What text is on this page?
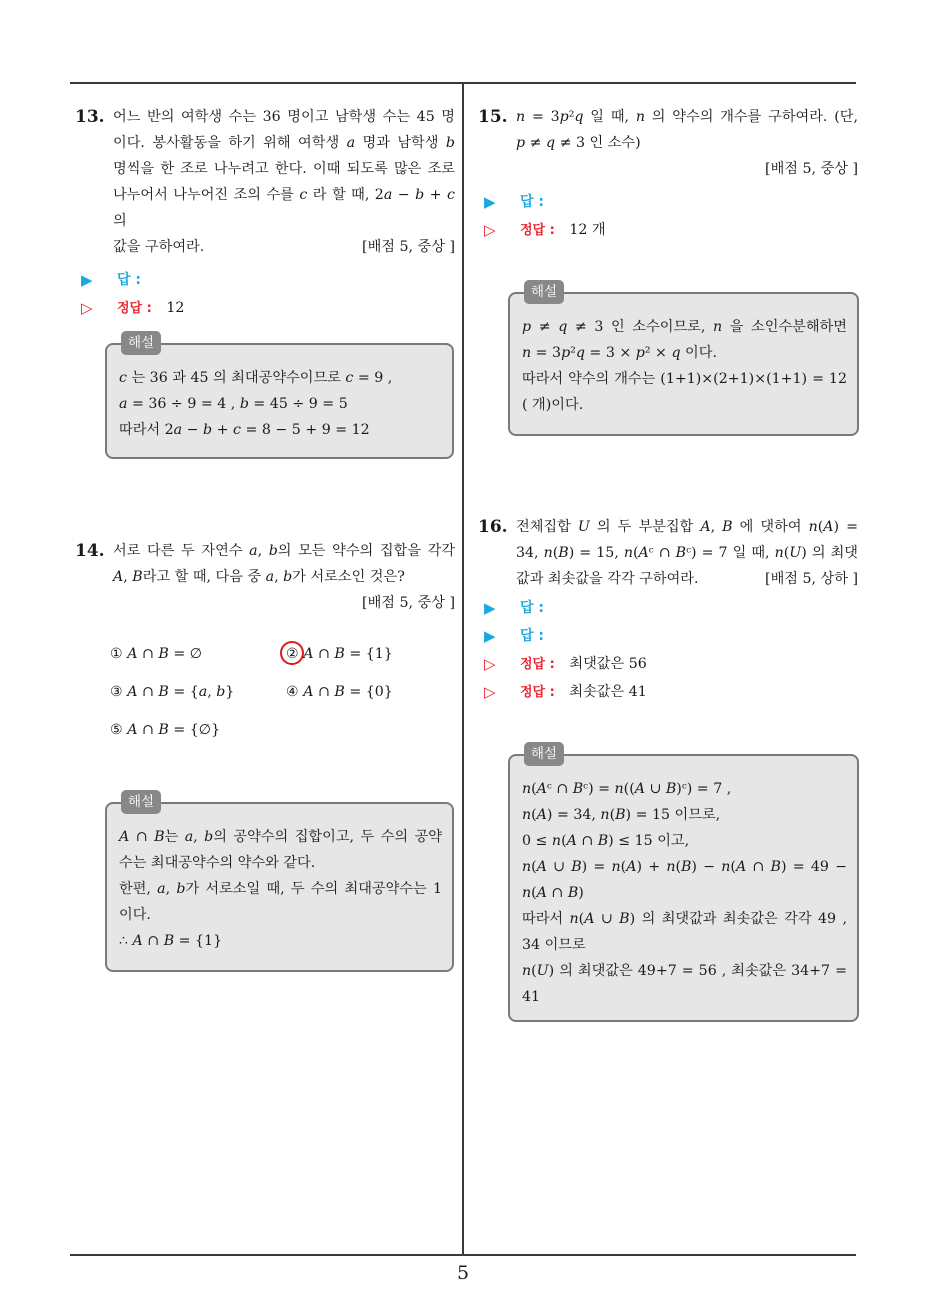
5
13. 어느 반의 여학생 수는 36 명이고 남학생 수는 45 명
이다. 봉사활동을 하기 위해 여학생 𝑎 명과 남학생 𝑏
명씩을 한 조로 나누려고 한다. 이때 되도록 많은 조로
나누어서 나누어진 조의 수를 𝑐 라 할 때, 2𝑎 − 𝑏 + 𝑐 의
값을 구하여라.	[배점 5, 중상 ]
▶ 답 :
▷ 정답 : 12
해설
𝑐 는 36 과 45 의 최대공약수이므로 𝑐 = 9 ,
𝑎 = 36 ÷ 9 = 4 , 𝑏 = 45 ÷ 9 = 5
따라서 2𝑎 − 𝑏 + 𝑐 = 8 − 5 + 9 = 12
14. 서로 다른 두 자연수 𝑎, 𝑏의 모든 약수의 집합을 각각
𝐴, 𝐵라고 할 때, 다음 중 𝑎, 𝑏가 서로소인 것은?
[배점 5, 중상 ]
① 𝐴 ∩ 𝐵 = ∅	② 𝐴 ∩ 𝐵 = {1}
③ 𝐴 ∩ 𝐵 = {𝑎, 𝑏}	④ 𝐴 ∩ 𝐵 = {0}
⑤ 𝐴 ∩ 𝐵 = {∅}
해설
𝐴 ∩ 𝐵는 𝑎, 𝑏의 공약수의 집합이고, 두 수의 공약
수는 최대공약수의 약수와 같다.
한편, 𝑎, 𝑏가 서로소일 때, 두 수의 최대공약수는 1
이다.
∴ 𝐴 ∩ 𝐵 = {1}
15. 𝑛 = 3𝑝²𝑞 일 때, 𝑛 의 약수의 개수를 구하여라. (단,
𝑝 ≠ 𝑞 ≠ 3 인 소수)
[배점 5, 중상 ]
▶ 답 :
▷ 정답 : 12 개
해설
𝑝 ≠ 𝑞 ≠ 3 인 소수이므로, 𝑛 을 소인수분해하면
𝑛 = 3𝑝²𝑞 = 3 × 𝑝² × 𝑞 이다.
따라서 약수의 개수는 (1+1)×(2+1)×(1+1) = 12
( 개)이다.
16. 전체집합 𝑈 의 두 부분집합 𝐴, 𝐵 에 댓하여 𝑛(𝐴) =
34, 𝑛(𝐵) = 15, 𝑛(𝐴ᶜ ∩ 𝐵ᶜ) = 7 일 때, 𝑛(𝑈) 의 최댓
값과 최솟값을 각각 구하여라.	[배점 5, 상하 ]
▶ 답 :
▶ 답 :
▷ 정답 : 최댓값은 56
▷ 정답 : 최솟값은 41
해설
𝑛(𝐴ᶜ ∩ 𝐵ᶜ) = 𝑛((𝐴 ∪ 𝐵)ᶜ) = 7 ,
𝑛(𝐴) = 34, 𝑛(𝐵) = 15 이므로,
0 ≤ 𝑛(𝐴 ∩ 𝐵) ≤ 15 이고,
𝑛(𝐴 ∪ 𝐵) = 𝑛(𝐴) + 𝑛(𝐵) − 𝑛(𝐴 ∩ 𝐵) = 49 −
𝑛(𝐴 ∩ 𝐵)
따라서 𝑛(𝐴 ∪ 𝐵) 의 최댓값과 최솟값은 각각 49 ,
34 이므로
𝑛(𝑈) 의 최댓값은 49+7 = 56 , 최솟값은 34+7 =
41
